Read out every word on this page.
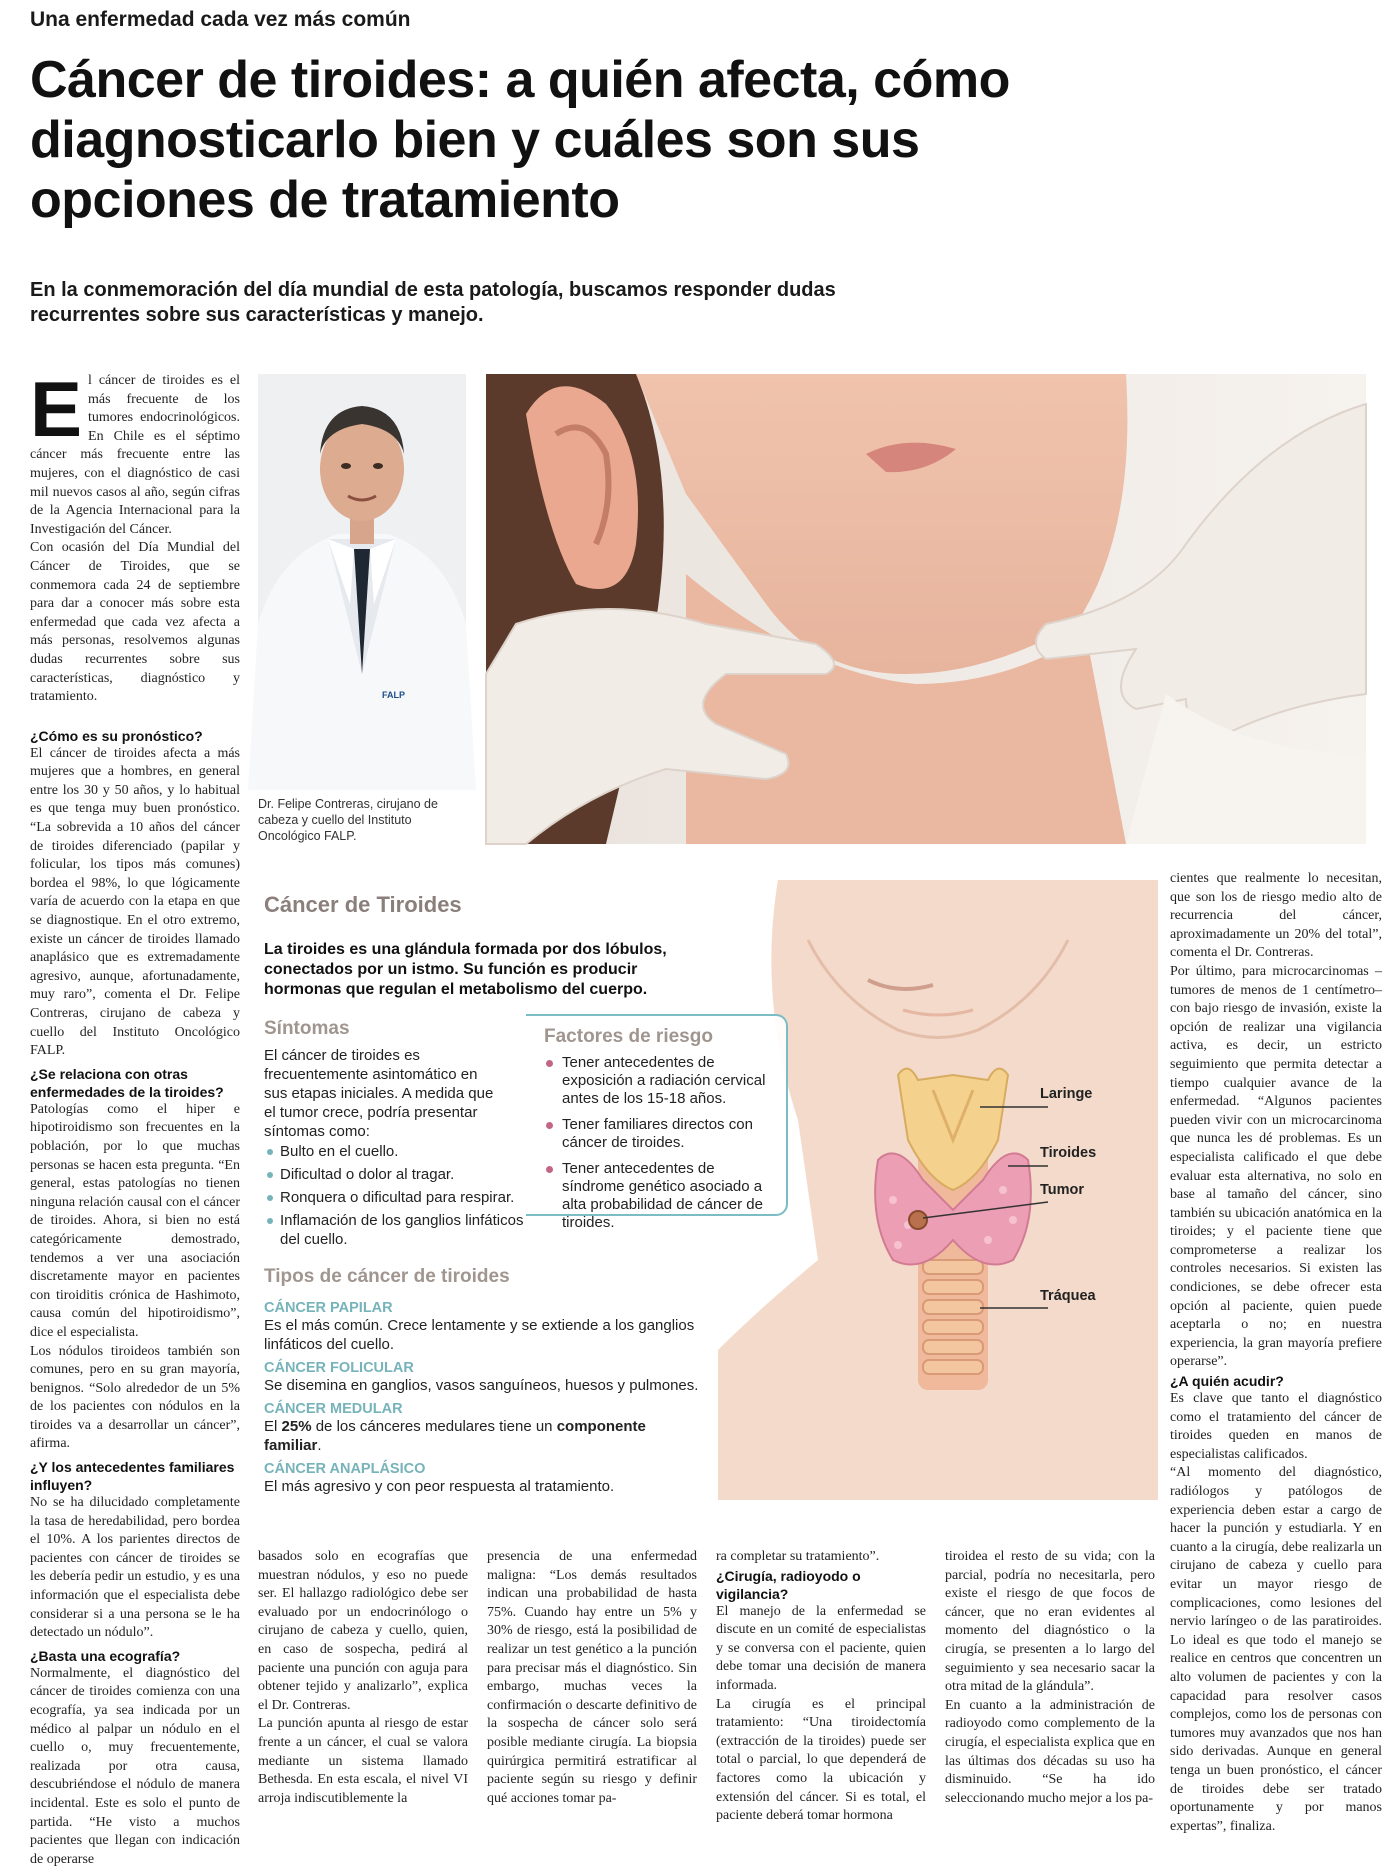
Una enfermedad cada vez más común
Cáncer de tiroides: a quién afecta, cómo diagnosticarlo bien y cuáles son sus opciones de tratamiento

En la conmemoración del día mundial de esta patología, buscamos responder dudas recurrentes sobre sus características y manejo.

E l cáncer de tiroides es el más frecuente de los tumores endocrinológicos. En Chile es el séptimo cáncer más frecuente entre las mujeres, con el diagnóstico de casi mil nuevos casos al año, según cifras de la Agencia Internacional para la Investigación del Cáncer.

Con ocasión del Día Mundial del Cáncer de Tiroides, que se conmemora cada 24 de septiembre para dar a conocer más sobre esta enfermedad que cada vez afecta a más personas, resolvemos algunas dudas recurrentes sobre sus características, diagnóstico y tratamiento.

¿Cómo es su pronóstico?

El cáncer de tiroides afecta a más mujeres que a hombres, en general entre los 30 y 50 años, y lo habitual es que tenga muy buen pronóstico. “La sobrevida a 10 años del cáncer de tiroides diferenciado (papilar y folicular, los tipos más comunes) bordea el 98%, lo que lógicamente varía de acuerdo con la etapa en que se diagnostique. En el otro extremo, existe un cáncer de tiroides llamado anaplásico que es extremadamente agresivo, aunque, afortunadamente, muy raro”, comenta el Dr. Felipe Contreras, cirujano de cabeza y cuello del Instituto Oncológico FALP.

¿Se relaciona con otras enfermedades de la tiroides?

Patologías como el hiper e hipotiroidismo son frecuentes en la población, por lo que muchas personas se hacen esta pregunta. “En general, estas patologías no tienen ninguna relación causal con el cáncer de tiroides. Ahora, si bien no está categóricamente demostrado, tendemos a ver una asociación discretamente mayor en pacientes con tiroiditis crónica de Hashimoto, causa común del hipotiroidismo”, dice el especialista.

Los nódulos tiroideos también son comunes, pero en su gran mayoría, benignos. “Solo alrededor de un 5% de los pacientes con nódulos en la tiroides va a desarrollar un cáncer”, afirma.

¿Y los antecedentes familiares influyen?

No se ha dilucidado completamente la tasa de heredabilidad, pero bordea el 10%. A los parientes directos de pacientes con cáncer de tiroides se les debería pedir un estudio, y es una información que el especialista debe considerar si a una persona se le ha detectado un nódulo”.

¿Basta una ecografía?

Normalmente, el diagnóstico del cáncer de tiroides comienza con una ecografía, ya sea indicada por un médico al palpar un nódulo en el cuello o, muy frecuentemente, realizada por otra causa, descubriéndose el nódulo de manera incidental. Este es solo el punto de partida. “He visto a muchos pacientes que llegan con indicación de operarse

FALP
Dr. Felipe Contreras, cirujano de cabeza y cuello del Instituto Oncológico FALP.
Laringe
Tiroides
Tumor
Tráquea
Cáncer de Tiroides

La tiroides es una glándula formada por dos lóbulos, conectados por un istmo. Su función es producir hormonas que regulan el metabolismo del cuerpo.

Síntomas

El cáncer de tiroides es frecuentemente asintomático en sus etapas iniciales. A medida que el tumor crece, podría presentar síntomas como:

Bulto en el cuello.
Dificultad o dolor al tragar.
Ronquera o dificultad para respirar.
Inflamación de los ganglios linfáticos del cuello.
Factores de riesgo
Tener antecedentes de exposición a radiación cervical antes de los 15-18 años.
Tener familiares directos con cáncer de tiroides.
Tener antecedentes de síndrome genético asociado a alta probabilidad de cáncer de tiroides.
Tipos de cáncer de tiroides
CÁNCER PAPILAR

Es el más común. Crece lentamente y se extiende a los ganglios linfáticos del cuello.

CÁNCER FOLICULAR

Se disemina en ganglios, vasos sanguíneos, huesos y pulmones.

CÁNCER MEDULAR

El 25% de los cánceres medulares tiene un componente familiar.

CÁNCER ANAPLÁSICO

El más agresivo y con peor respuesta al tratamiento.

basados solo en ecografías que muestran nódulos, y eso no puede ser. El hallazgo radiológico debe ser evaluado por un endocrinólogo o cirujano de cabeza y cuello, quien, en caso de sospecha, pedirá al paciente una punción con aguja para obtener tejido y analizarlo”, explica el Dr. Contreras.

La punción apunta al riesgo de estar frente a un cáncer, el cual se valora mediante un sistema llamado Bethesda. En esta escala, el nivel VI arroja indiscutiblemente la

presencia de una enfermedad maligna: “Los demás resultados indican una probabilidad de hasta 75%. Cuando hay entre un 5% y 30% de riesgo, está la posibilidad de realizar un test genético a la punción para precisar más el diagnóstico. Sin embargo, muchas veces la confirmación o descarte definitivo de la sospecha de cáncer solo será posible mediante cirugía. La biopsia quirúrgica permitirá estratificar al paciente según su riesgo y definir qué acciones tomar pa-

ra completar su tratamiento”.

¿Cirugía, radioyodo o vigilancia?

El manejo de la enfermedad se discute en un comité de especialistas y se conversa con el paciente, quien debe tomar una decisión de manera informada.

La cirugía es el principal tratamiento: “Una tiroidectomía (extracción de la tiroides) puede ser total o parcial, lo que dependerá de factores como la ubicación y extensión del cáncer. Si es total, el paciente deberá tomar hormona

tiroidea el resto de su vida; con la parcial, podría no necesitarla, pero existe el riesgo de que focos de cáncer, que no eran evidentes al momento del diagnóstico o la cirugía, se presenten a lo largo del seguimiento y sea necesario sacar la otra mitad de la glándula”.

En cuanto a la administración de radioyodo como complemento de la cirugía, el especialista explica que en las últimas dos décadas su uso ha disminuido. “Se ha ido seleccionando mucho mejor a los pa-

cientes que realmente lo necesitan, que son los de riesgo medio alto de recurrencia del cáncer, aproximadamente un 20% del total”, comenta el Dr. Contreras.

Por último, para microcarcinomas –tumores de menos de 1 centímetro– con bajo riesgo de invasión, existe la opción de realizar una vigilancia activa, es decir, un estricto seguimiento que permita detectar a tiempo cualquier avance de la enfermedad. “Algunos pacientes pueden vivir con un microcarcinoma que nunca les dé problemas. Es un especialista calificado el que debe evaluar esta alternativa, no solo en base al tamaño del cáncer, sino también su ubicación anatómica en la tiroides; y el paciente tiene que comprometerse a realizar los controles necesarios. Si existen las condiciones, se debe ofrecer esta opción al paciente, quien puede aceptarla o no; en nuestra experiencia, la gran mayoría prefiere operarse”.

¿A quién acudir?

Es clave que tanto el diagnóstico como el tratamiento del cáncer de tiroides queden en manos de especialistas calificados.

“Al momento del diagnóstico, radiólogos y patólogos de experiencia deben estar a cargo de hacer la punción y estudiarla. Y en cuanto a la cirugía, debe realizarla un cirujano de cabeza y cuello para evitar un mayor riesgo de complicaciones, como lesiones del nervio laríngeo o de las paratiroides. Lo ideal es que todo el manejo se realice en centros que concentren un alto volumen de pacientes y con la capacidad para resolver casos complejos, como los de personas con tumores muy avanzados que nos han sido derivadas. Aunque en general tenga un buen pronóstico, el cáncer de tiroides debe ser tratado oportunamente y por manos expertas”, finaliza.
